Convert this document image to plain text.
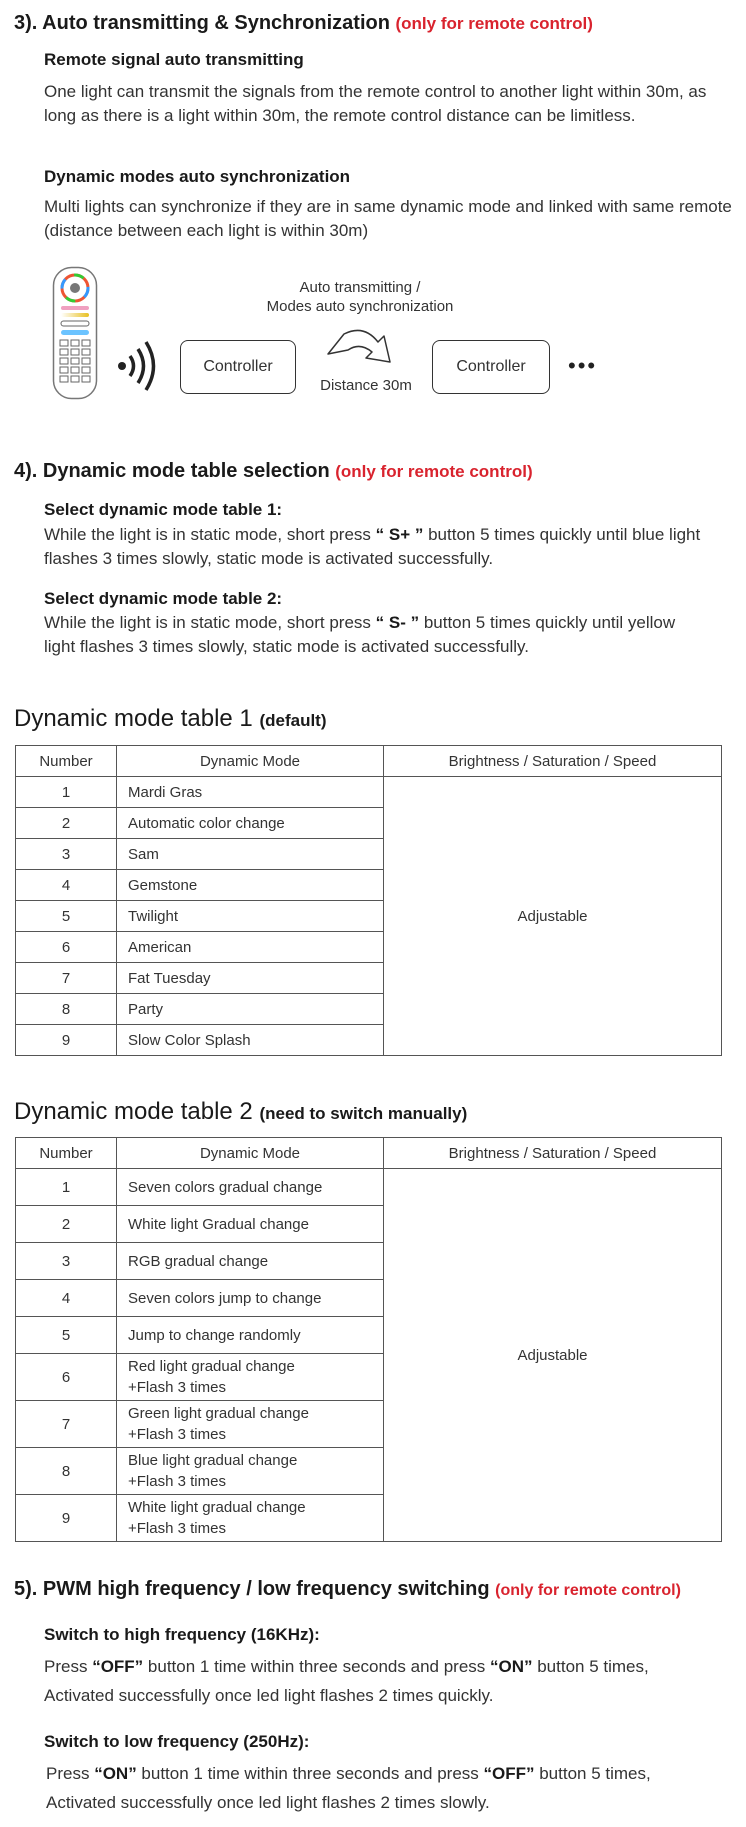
3). Auto transmitting & Synchronization (only for remote control)
Remote signal auto transmitting
One light can transmit the signals from the remote control to another light within 30m, as long as there is a light within 30m, the remote control distance can be limitless.
Dynamic modes auto synchronization
Multi lights can synchronize if they are in same dynamic mode and linked with same remote (distance between each light is within 30m)
Controller
Auto transmitting /
Modes auto synchronization
Distance 30m
Controller	•••
4). Dynamic mode table selection (only for remote control)
Select dynamic mode table 1:
While the light is in static mode, short press “ S+ ” button 5 times quickly until blue light flashes 3 times slowly, static mode is activated successfully.
Select dynamic mode table 2:
While the light is in static mode, short press “ S- ” button 5 times quickly until yellow light flashes 3 times slowly, static mode is activated successfully.
Dynamic mode table 1 (default)
Number	Dynamic Mode	Brightness / Saturation / Speed
1	Mardi Gras	Adjustable
2	Automatic color change	
3	Sam	
4	Gemstone	
5	Twilight	
6	American	
7	Fat Tuesday	
8	Party	
9	Slow Color Splash	
Dynamic mode table 2 (need to switch manually)
Number	Dynamic Mode	Brightness / Saturation / Speed
1	Seven colors gradual change	Adjustable
2	White light Gradual change	
3	RGB gradual change	
4	Seven colors jump to change	
5	Jump to change randomly	
6	Red light gradual change
+Flash 3 times	

7	Green light gradual change
+Flash 3 times	

8	Blue light gradual change
+Flash 3 times	

9	White light gradual change
+Flash 3 times	
5). PWM high frequency / low frequency switching (only for remote control)
Switch to high frequency (16KHz):
Press “OFF” button 1 time within three seconds and press “ON” button 5 times,
Activated successfully once led light flashes 2 times quickly.
Switch to low frequency (250Hz):
Press “ON” button 1 time within three seconds and press “OFF” button 5 times,
Activated successfully once led light flashes 2 times slowly.
